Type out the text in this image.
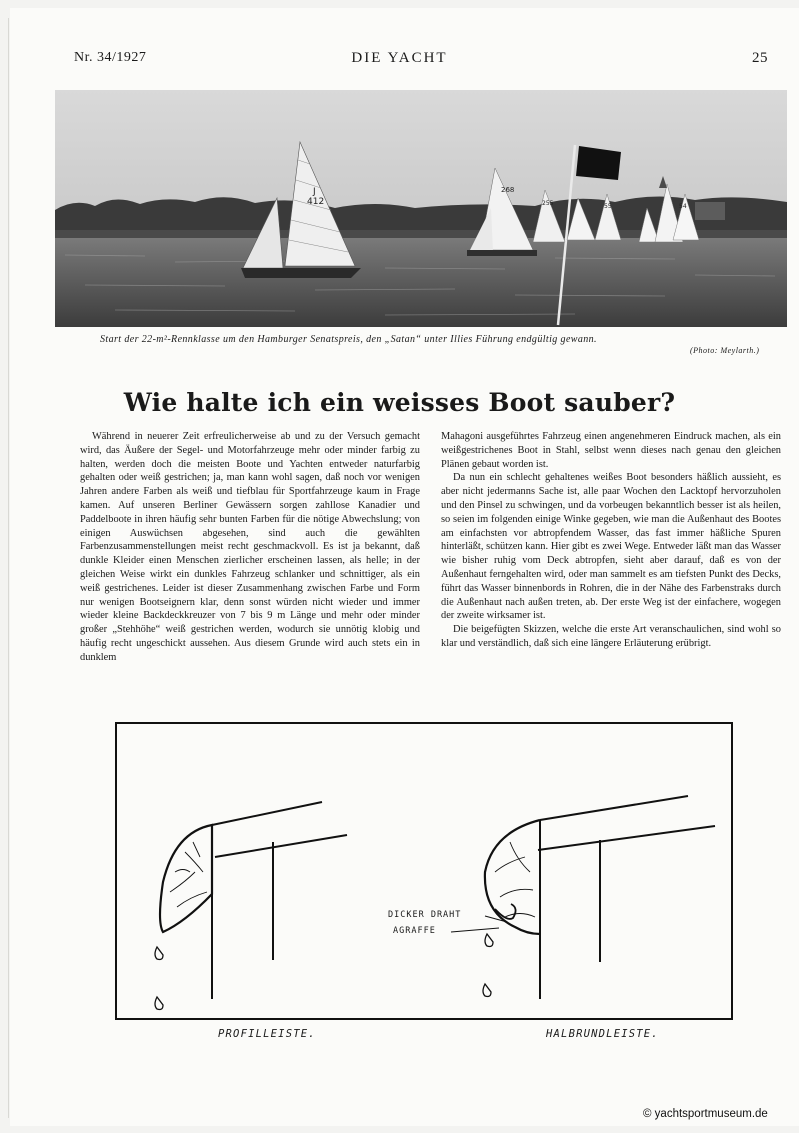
Nr. 34/1927	DIE YACHT	25
J
412
268
255	55	54
Start der 22-m²-Rennklasse um den Hamburger Senatspreis, den „Satan“ unter Illies Führung endgültig gewann.
(Photo: Meylarth.)
Wie halte ich ein weisses Boot sauber?

Während in neuerer Zeit erfreulicherweise ab und zu der Versuch gemacht wird, das Äußere der Segel- und Motorfahrzeuge mehr oder minder farbig zu halten, werden doch die meisten Boote und Yachten entweder naturfarbig gehalten oder weiß gestrichen; ja, man kann wohl sagen, daß noch vor wenigen Jahren andere Farben als weiß und tiefblau für Sportfahrzeuge kaum in Frage kamen. Auf unseren Berliner Gewässern sorgen zahllose Kanadier und Paddelboote in ihren häufig sehr bunten Farben für die nötige Abwechslung; von einigen Auswüchsen abgesehen, sind auch die gewählten Farbenzusammenstellungen meist recht geschmackvoll. Es ist ja bekannt, daß dunkle Kleider einen Menschen zierlicher erscheinen lassen, als helle; in der gleichen Weise wirkt ein dunkles Fahrzeug schlanker und schnittiger, als ein weiß gestrichenes. Leider ist dieser Zusammenhang zwischen Farbe und Form nur wenigen Bootseignern klar, denn sonst würden nicht wieder und immer wieder kleine Backdeckkreuzer von 7 bis 9 m Länge und mehr oder minder großer „Stehhöhe“ weiß gestrichen werden, wodurch sie unnötig klobig und häufig recht ungeschickt aussehen. Aus diesem Grunde wird auch stets ein in dunklem

Mahagoni ausgeführtes Fahrzeug einen angenehmeren Eindruck machen, als ein weißgestrichenes Boot in Stahl, selbst wenn dieses nach genau den gleichen Plänen gebaut worden ist.

Da nun ein schlecht gehaltenes weißes Boot besonders häßlich aussieht, es aber nicht jedermanns Sache ist, alle paar Wochen den Lacktopf hervorzuholen und den Pinsel zu schwingen, und da vorbeugen bekanntlich besser ist als heilen, so seien im folgenden einige Winke gegeben, wie man die Außenhaut des Bootes am einfachsten vor abtropfendem Wasser, das fast immer häßliche Spuren hinterläßt, schützen kann. Hier gibt es zwei Wege. Entweder läßt man das Wasser wie bisher ruhig vom Deck abtropfen, sieht aber darauf, daß es von der Außenhaut ferngehalten wird, oder man sammelt es am tiefsten Punkt des Decks, führt das Wasser binnenbords in Rohren, die in der Nähe des Farbenstraks durch die Außenhaut nach außen treten, ab. Der erste Weg ist der einfachere, wogegen der zweite wirksamer ist.

Die beigefügten Skizzen, welche die erste Art veranschaulichen, sind wohl so klar und verständlich, daß sich eine längere Erläuterung erübrigt.

DICKER DRAHT
AGRAFFE
PROFILLEISTE.	HALBRUNDLEISTE.
© yachtsportmuseum.de
